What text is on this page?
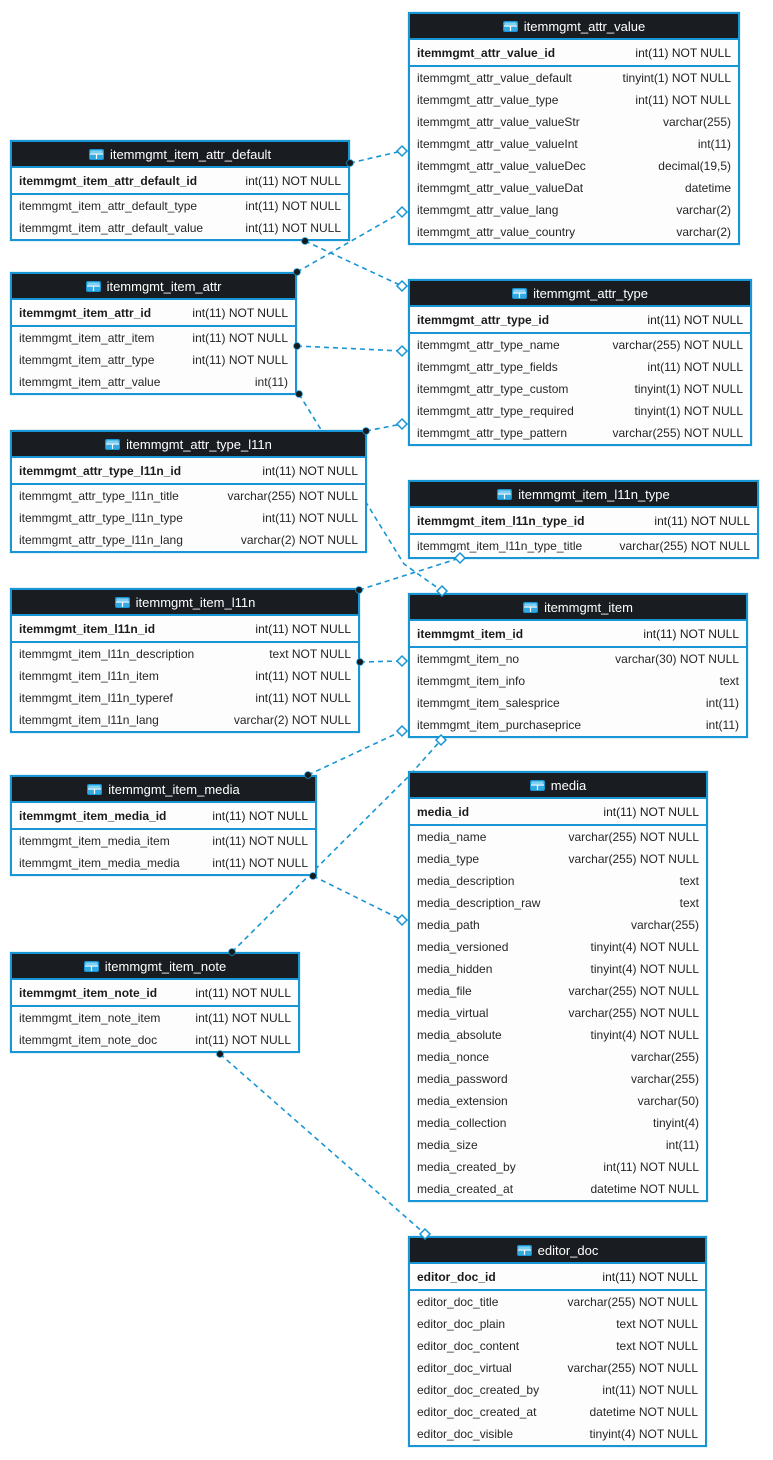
itemmgmt_attr_value
itemmgmt_attr_value_id	int(11) NOT NULL
itemmgmt_attr_value_default	tinyint(1) NOT NULL
itemmgmt_attr_value_type	int(11) NOT NULL
itemmgmt_attr_value_valueStr	varchar(255)
itemmgmt_attr_value_valueInt	int(11)
itemmgmt_attr_value_valueDec	decimal(19,5)
itemmgmt_attr_value_valueDat	datetime
itemmgmt_attr_value_lang	varchar(2)
itemmgmt_attr_value_country	varchar(2)
itemmgmt_item_attr_default
itemmgmt_item_attr_default_id	int(11) NOT NULL
itemmgmt_item_attr_default_type	int(11) NOT NULL
itemmgmt_item_attr_default_value	int(11) NOT NULL
itemmgmt_item_attr
itemmgmt_item_attr_id	int(11) NOT NULL
itemmgmt_item_attr_item	int(11) NOT NULL
itemmgmt_item_attr_type	int(11) NOT NULL
itemmgmt_item_attr_value	int(11)
itemmgmt_attr_type
itemmgmt_attr_type_id	int(11) NOT NULL
itemmgmt_attr_type_name	varchar(255) NOT NULL
itemmgmt_attr_type_fields	int(11) NOT NULL
itemmgmt_attr_type_custom	tinyint(1) NOT NULL
itemmgmt_attr_type_required	tinyint(1) NOT NULL
itemmgmt_attr_type_pattern	varchar(255) NOT NULL
itemmgmt_attr_type_l11n
itemmgmt_attr_type_l11n_id	int(11) NOT NULL
itemmgmt_attr_type_l11n_title	varchar(255) NOT NULL
itemmgmt_attr_type_l11n_type	int(11) NOT NULL
itemmgmt_attr_type_l11n_lang	varchar(2) NOT NULL
itemmgmt_item_l11n_type
itemmgmt_item_l11n_type_id	int(11) NOT NULL
itemmgmt_item_l11n_type_title	varchar(255) NOT NULL
itemmgmt_item_l11n
itemmgmt_item_l11n_id	int(11) NOT NULL
itemmgmt_item_l11n_description	text NOT NULL
itemmgmt_item_l11n_item	int(11) NOT NULL
itemmgmt_item_l11n_typeref	int(11) NOT NULL
itemmgmt_item_l11n_lang	varchar(2) NOT NULL
itemmgmt_item
itemmgmt_item_id	int(11) NOT NULL
itemmgmt_item_no	varchar(30) NOT NULL
itemmgmt_item_info	text
itemmgmt_item_salesprice	int(11)
itemmgmt_item_purchaseprice	int(11)
itemmgmt_item_media
itemmgmt_item_media_id	int(11) NOT NULL
itemmgmt_item_media_item	int(11) NOT NULL
itemmgmt_item_media_media	int(11) NOT NULL
media
media_id	int(11) NOT NULL
media_name	varchar(255) NOT NULL
media_type	varchar(255) NOT NULL
media_description	text
media_description_raw	text
media_path	varchar(255)
media_versioned	tinyint(4) NOT NULL
media_hidden	tinyint(4) NOT NULL
media_file	varchar(255) NOT NULL
media_virtual	varchar(255) NOT NULL
media_absolute	tinyint(4) NOT NULL
media_nonce	varchar(255)
media_password	varchar(255)
media_extension	varchar(50)
media_collection	tinyint(4)
media_size	int(11)
media_created_by	int(11) NOT NULL
media_created_at	datetime NOT NULL
itemmgmt_item_note
itemmgmt_item_note_id	int(11) NOT NULL
itemmgmt_item_note_item	int(11) NOT NULL
itemmgmt_item_note_doc	int(11) NOT NULL
editor_doc
editor_doc_id	int(11) NOT NULL
editor_doc_title	varchar(255) NOT NULL
editor_doc_plain	text NOT NULL
editor_doc_content	text NOT NULL
editor_doc_virtual	varchar(255) NOT NULL
editor_doc_created_by	int(11) NOT NULL
editor_doc_created_at	datetime NOT NULL
editor_doc_visible	tinyint(4) NOT NULL
